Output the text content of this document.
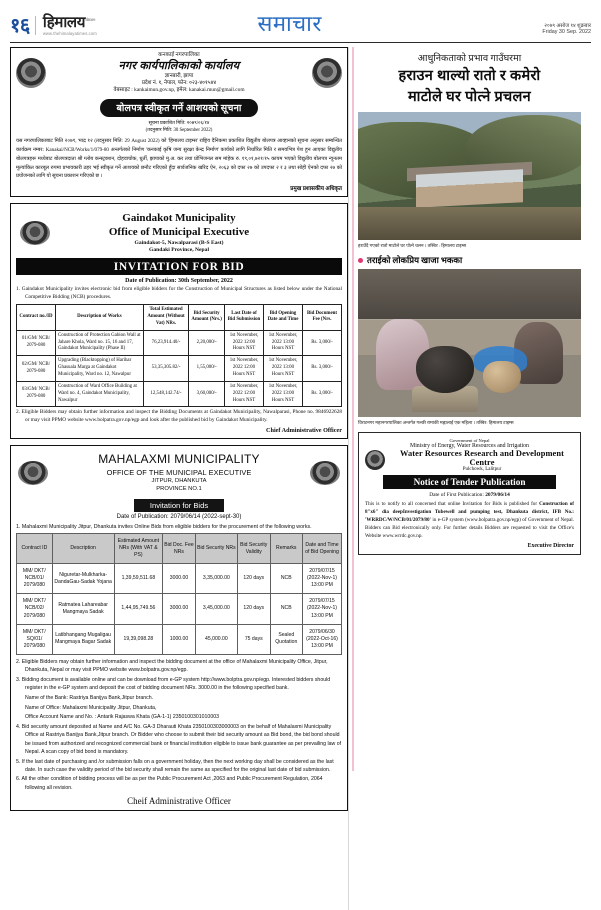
१६ हिमालय$^{times}$
www.thehimalayatimes.com	समाचार	२०७९ असोज १४ शुक्रबार
Friday 30 Sep. 2022
कनकाई नगरपालिका
नगर कार्यपालिकाको कार्यालय
ज्ञानबारी, झापा
प्रदेश नं. १, नेपाल, फोन: ०२३-४०१५४४
वेबसाइट : kankaimun.gov.np, इमेल: kanakai.mun@gmail.com
बोलपत्र स्वीकृत गर्ने आशयको सूचना
सूचना प्रकाशित मिति: २०७९/०६/१४
(तदनुसार मिति: 30 September 2022)
यस नगरपालिकाबाट मिति २०७९, भाद्र १२ (तदनुसार मिति: 29 August 2022) को 'हिमालय टाइम्स' राष्ट्रिय दैनिकमा प्रकाशित विद्युतीय बोलपत्र आव्हानको सूचना अनुसार सम्बन्धित कार्यक्रम नम्बर: Kanakai/NCB/Works/1/079-80 अन्तर्गतको निर्माण 'कनकाई कृषि जन्य सुरक्षा केन्द्र निर्माण' कार्यको लागि निर्धारित मिति र समयभित्र पेश हुन आएका विद्युतीय बोलपत्रहरू मध्येबाट बोलपत्रदाता श्री ग्लोब कन्स्ट्रक्शन, दोहवाचोक, धुर्ती, झापाको मु.अ. कर तथा प्रोभिजनल सम मांहेक रु. १९,०१,७२१/१५ कायम भएको विद्युतीय बोलपत्र न्यूनतम मूल्यांकित कारबूल रुपमा प्रभावकारी ठहर भई स्वीकृत गर्ने आशयको छनौट गरिएको हुँदा सार्वजनिक खरिद ऐन, २०६३ को दफा २७ को उपदफा २ र ३ तथा सोही ऐनको दफा २७ को प्रयोजनको लागि यो सूचना प्रकाशन गरिएको छ ।
प्रमुख प्रशासकीय अधिकृत
Gaindakot Municipality
Office of Municipal Executive
Gaindakot-5, Nawalparasi (B-S East)
Gandaki Province, Nepal
INVITATION FOR BID
Date of Publication: 30th September, 2022
1. Gaindakot Municipality invites electronic bid from eligible bidders for the Construction of Municipal Structures as listed below under the National Competitive Bidding (NCB) procedures.
Contract no./ID	Description of Works	Total Estimated Amount (Without Vat) NRs.	Bid Security Amount (Nrs.)	Last Date of Bid Submission	Bid Opening Date and Time	Bid Document Fee (Nrs.
01/GM/ NCB/ 2079-080	Construction of Protection Gabion Wall at Jahare Khola, Ward no. 15, 16 and 17, Gaindakot Municipality (Phase II)	76,23,914.40/-	2,20,000/-	1st November, 2022 12:00 Hours NST	1st November, 2022 13:00 Hours NST	Rs. 3,000/-
02/GM/ NCB/ 2079-080	Upgrading (Blacktopping) of Harihar Ghasuala Marga at Gaindakot Municipality, Ward no. 12, Nawalpur	53,35,305.82/-	1,55,000/-	1st November, 2022 12:00 Hours NST	1st November, 2022 13:00 Hours NST	Rs. 3,000/-
03/GM/ NCB/ 2079-080	Construction of Ward Office Building at Ward no. 4, Gaindakot Municipality, Nawalpur	12,548,142.74/-	3,60,000/-	1st November, 2022 12:00 Hours NST	1st November, 2022 13:00 Hours NST	Rs. 3,000/-
2. Eligible Bidders may obtain further information and inspect the Bidding Documents at Gaindakot Municipality, Nawalparasi, Phone no. 9846922628 or may visit PPMO website www.bolpatra.gov.np/egp and look after the published bid by Gaindakot Municipality.
Chief Administrative Officer
MAHALAXMI MUNICIPALITY
OFFICE OF THE MUNICIPAL EXECUTIVE
JITPUR, DHANKUTA
PROVINCE NO.1
Invitation for Bids
Date of Publication: 2079/06/14 (2022-sept-30)
1. Mahalaxmi Municipality Jitpur, Dhankuta invites Online Bids from eligible bidders for the procurement of the following works.
Contract ID	Description	Estimated Amount NRs (With VAT & PS)	Bid Doc. Fee NRs	Bid Security NRs	Bid Security Validity	Remarks	Date and Time of Bid Opening
MM/ DKT/ NCB/01/ 2079/080	Niguretar-Mulkharka-DandaGau-Sadak Yojana	1,39,59,511.68	3000.00	3,35,000.00	120 days	NCB	2079/07/15 (2022-Nov-1) 13:00 PM
MM/ DKT/ NCB/02/ 2079/080	Ratmatea Lahareabar Mangmaya Sadak	1,44,95,749.56	3000.00	3,45,000.00	120 days	NCB	2079/07/15 (2022-Nov-1) 13:00 PM
MM/ DKT/ SQ/01/ 2079/080	Latibhangang Mugaligau Mangmaya Bagar Sadak	19,39,098.28	1000.00	45,000.00	75 days	Sealed Quotation	2079/06/30 (2022-Oct-16) 13:00 PM
2. Eligible Bidders may obtain further information and inspect the bidding document at the office of Mahalaxmi Municipality Office, Jitpur, Dhankuta, Nepal or may visit PPMO website www.bolpatra.gov.np/egp.
3. Bidding document is available online and can be download from e-GP system http://www.bolptra.gov.np/egp. Interested bidders should register in the e-GP system and deposit the cost of bidding document NRs. 3000.00 in the following specified bank.
Name of the Bank: Rastriya Banijya Bank,Jitpur branch.
Name of Office: Mahalaxmi Municipality Jitpur, Dhankuta,
Office Account Name and No. : Antarik Rajaswa Khata (GA-1-1) 2350100301010003
4. Bid security amount deposited at Name and A/C No. GA-3 Dharauti Khata 2350100303000003 on the behalf of Mahalaxmi Municipality Office at Rastriya Banijya Bank,Jitpur branch. Or Bidder who choose to submit their bid security amount as Bid bond, the bid bond should be issued from authorized and recognized commercial bank or financial institution eligible to issue bank guarantee as per prevailing law of Nepal. A scan copy of bid bond is mandatory.
5. If the last date of purchasing and /or submission falls on a government holiday, then the next working day shall be considered as the last date. In such case the validity period of the bid security shall remain the same as specified for the original last date of bid submission.
6. All the other condition of bidding process will be as per the Public Procurement Act ,2063 and Public Procurement Regulation, 2064 following all revision.
Cheif Administrative Officer
आधुनिकताको प्रभाव गाउँघरमा
हराउन थाल्यो रातो र कमेरो
माटोले घर पोत्ने प्रचलन
हराउँदै गएको रातो माटोले घर पोत्ने चलन । तस्बिर : हिमालय टाइम्स
तराईको लोकप्रिय खाजा भकका
विराटनगर महानगरपालिका अन्तर्गत गल्छी रामाकी मह्लालाई एक महिला । तस्बिर: हिमालय टाइम्स
Government of Nepal
Ministry of Energy, Water Resources and Irrigation
Water Resources Research and Development Centre
Pulchowk, Lalitpur
Notice of Tender Publication
Date of First Publication: 2079/06/14
This is to notify to all concerned that online Invitation for Bids is published for Construction of 8"x6" dia deepInvestigation Tubewell and pumping test, Dhankuta district, IFB No.: 'WRRDC/W/NCB/01/2079/80' in e-GP system (www.bolpatra.gov.np/egp) of Government of Nepal. Bidders can Bid electronically only. For further details Bidders are requested to visit the Office's Website www.wrrdc.gov.np.
Executive Director
